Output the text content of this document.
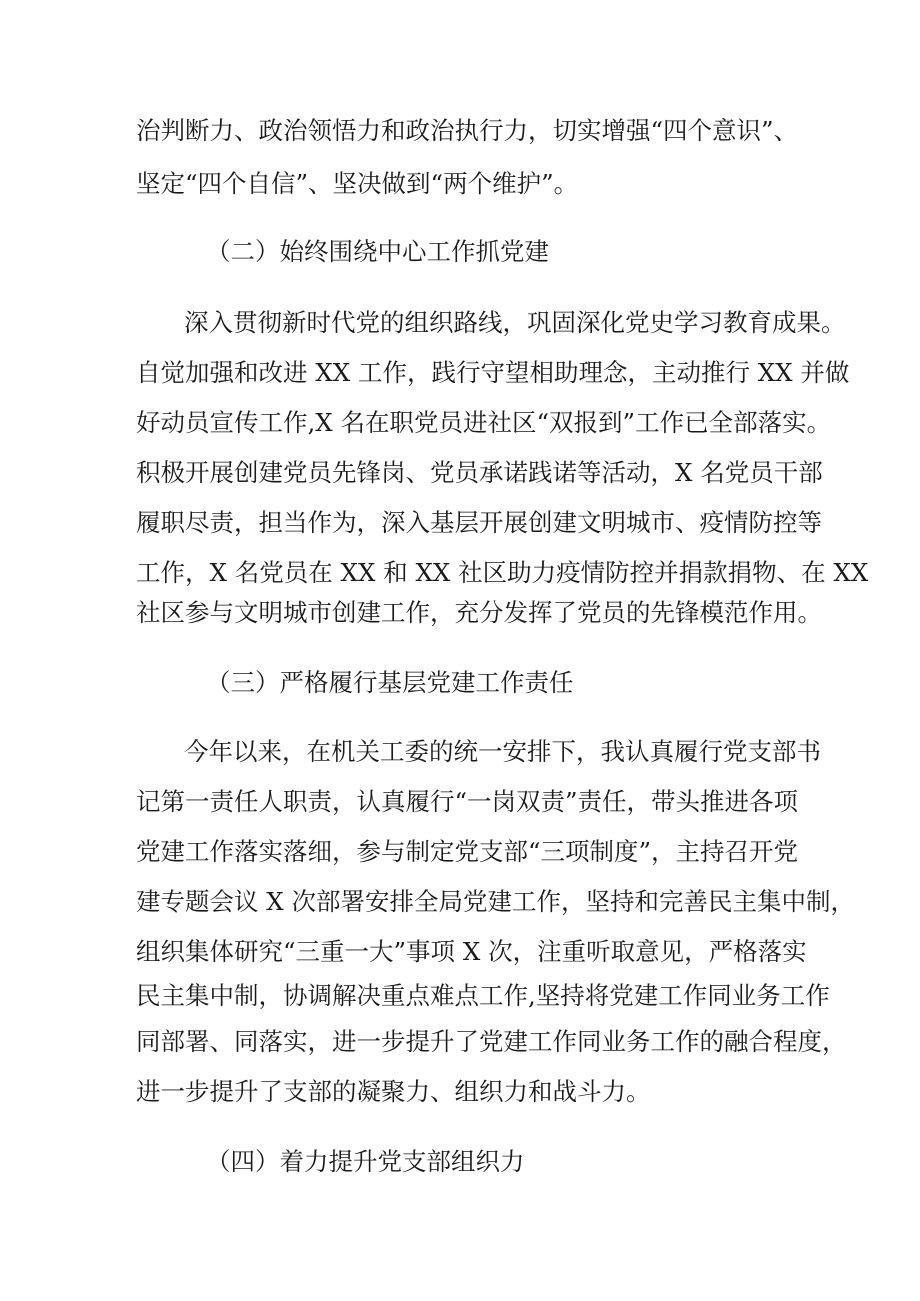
治判断力、政治领悟力和政治执行力，切实增强“四个意识”、
坚定“四个自信”、坚决做到“两个维护”。
（二）始终围绕中心工作抓党建
深入贯彻新时代党的组织路线，巩固深化党史学习教育成果。
自觉加强和改进 XX 工作，践行守望相助理念，主动推行 XX 并做
好动员宣传工作,X 名在职党员进社区“双报到”工作已全部落实。
积极开展创建党员先锋岗、党员承诺践诺等活动，X 名党员干部
履职尽责，担当作为，深入基层开展创建文明城市、疫情防控等
工作，X 名党员在 XX 和 XX 社区助力疫情防控并捐款捐物、在 XX
社区参与文明城市创建工作，充分发挥了党员的先锋模范作用。
（三）严格履行基层党建工作责任
今年以来，在机关工委的统一安排下，我认真履行党支部书
记第一责任人职责，认真履行“一岗双责”责任，带头推进各项
党建工作落实落细，参与制定党支部“三项制度”，主持召开党
建专题会议 X 次部署安排全局党建工作，坚持和完善民主集中制，
组织集体研究“三重一大”事项 X 次，注重听取意见，严格落实
民主集中制，协调解决重点难点工作,坚持将党建工作同业务工作
同部署、同落实，进一步提升了党建工作同业务工作的融合程度，
进一步提升了支部的凝聚力、组织力和战斗力。
（四）着力提升党支部组织力
